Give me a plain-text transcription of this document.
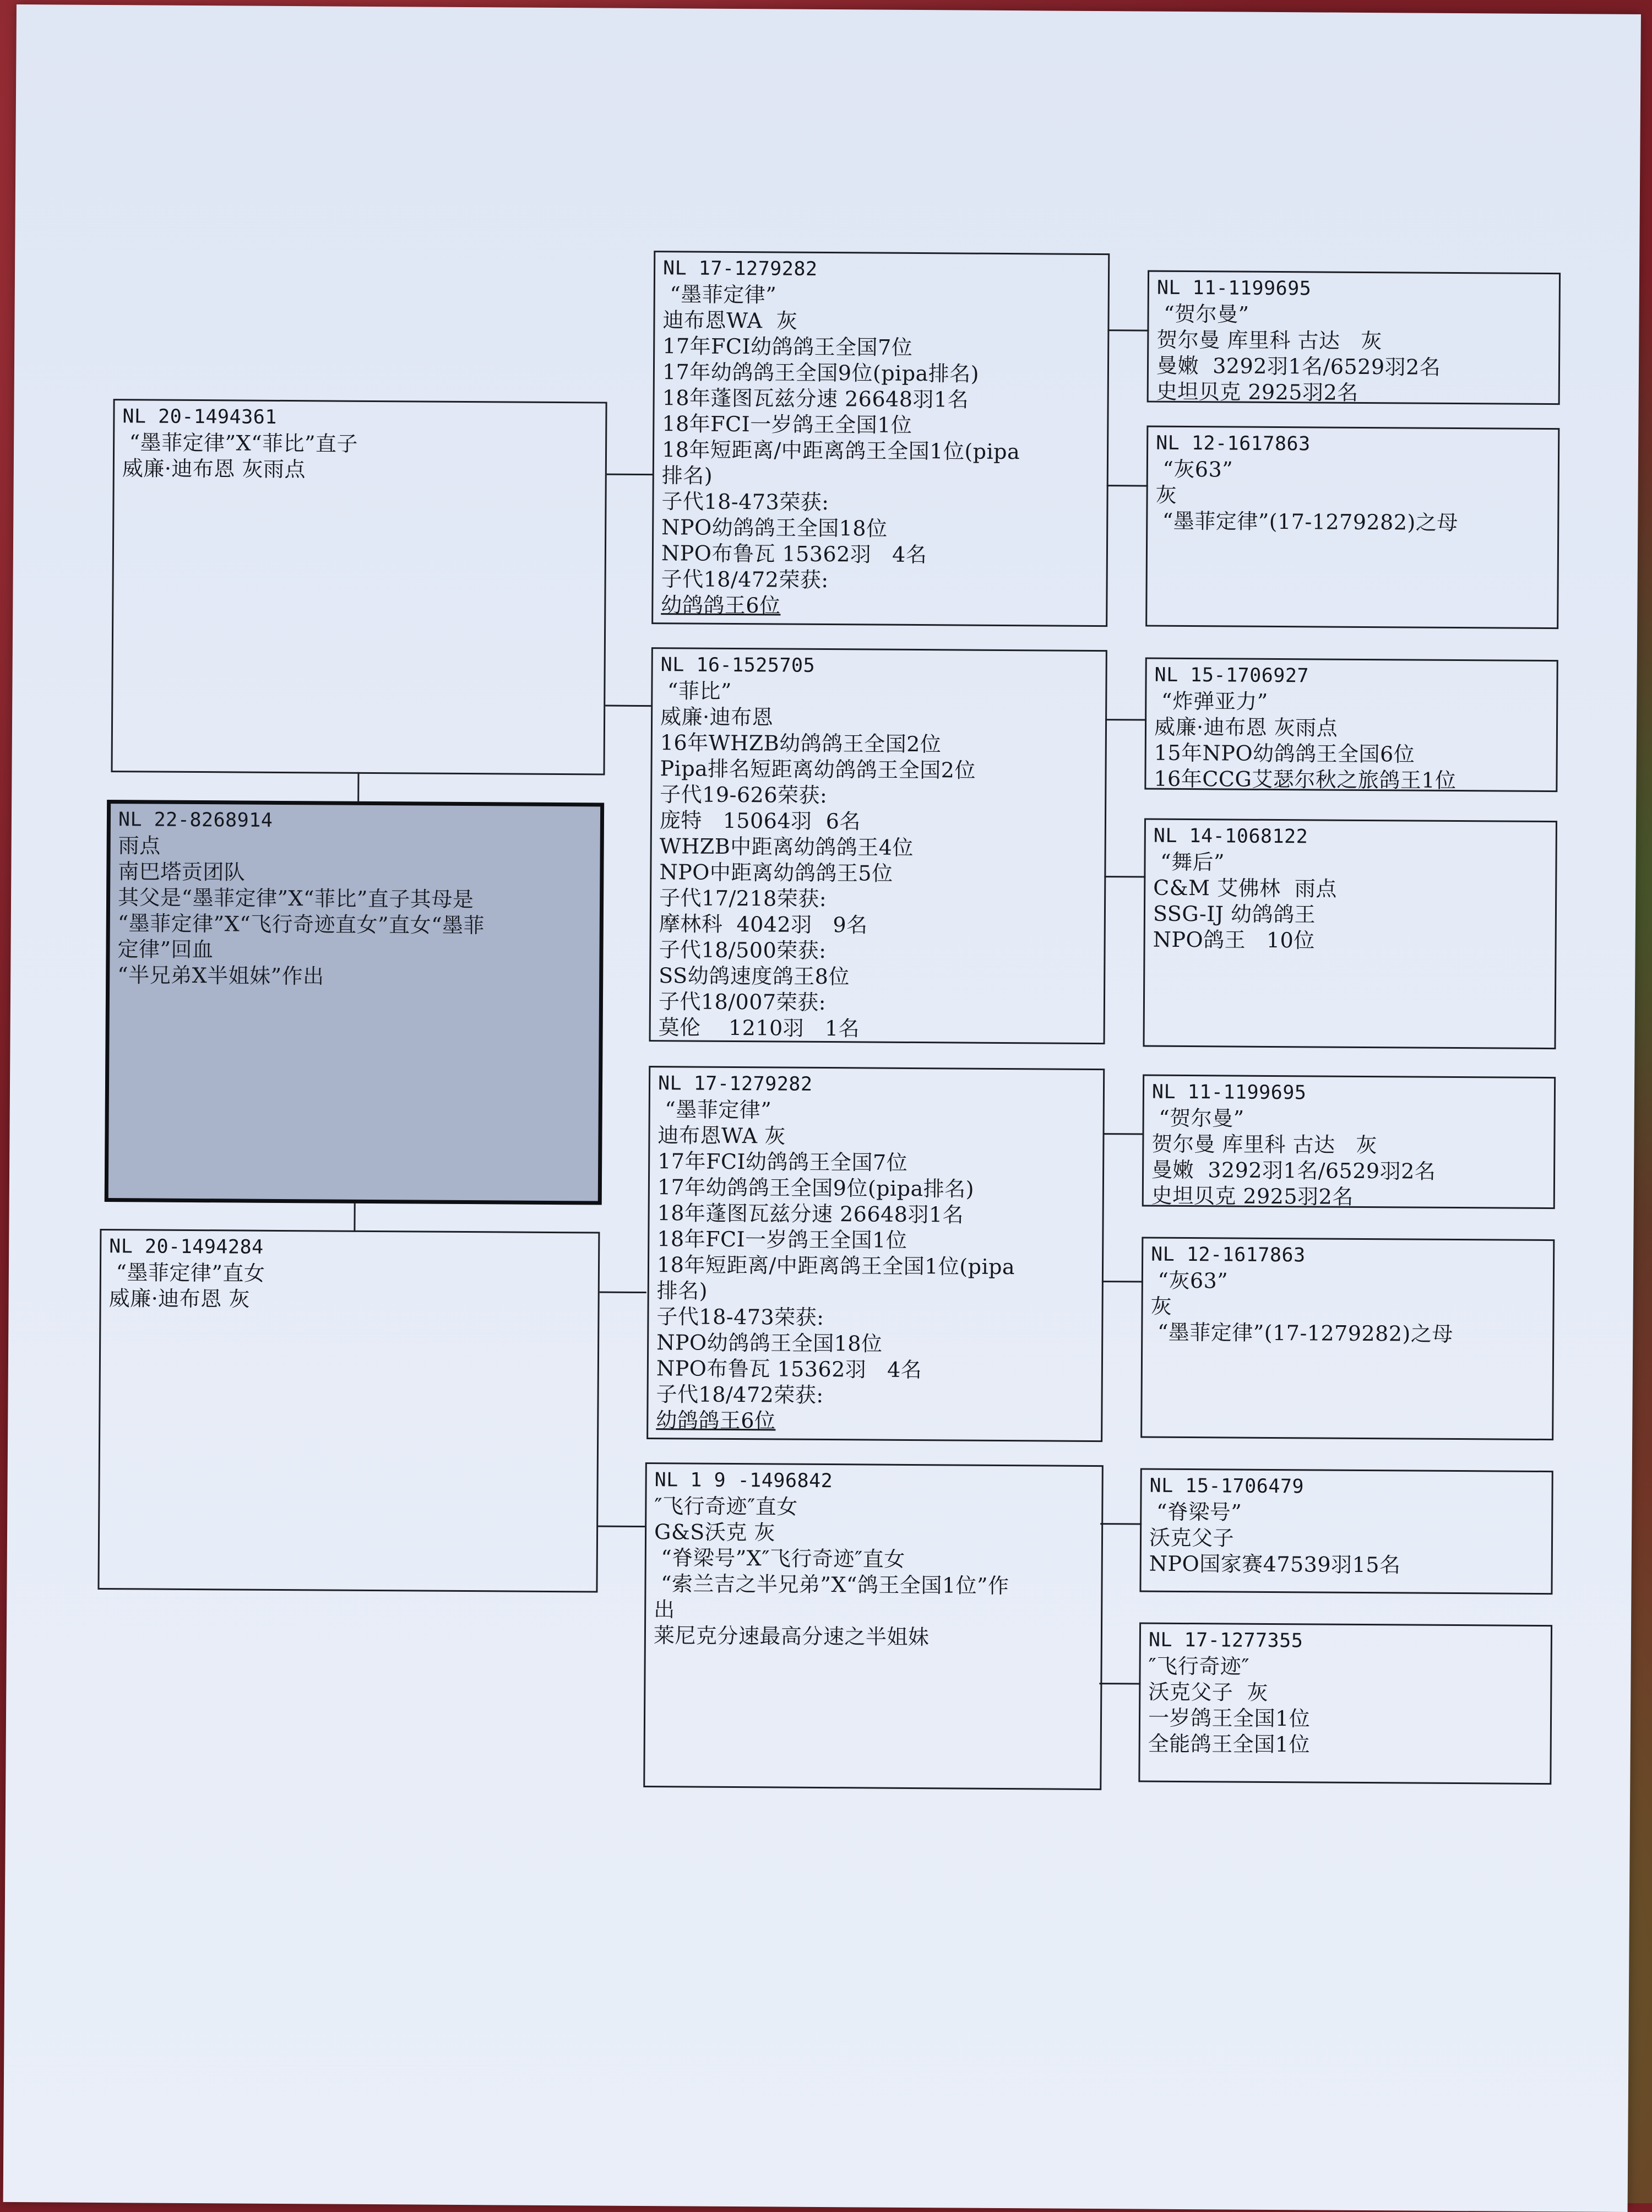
NL 20-1494361
“墨菲定律”X“菲比”直子
威廉·迪布恩 灰雨点
NL 22-8268914
雨点
南巴塔贡团队
其父是“墨菲定律”X“菲比”直子其母是
“墨菲定律”X“飞行奇迹直女”直女“墨菲
定律”回血
“半兄弟X半姐妹”作出
NL 20-1494284
“墨菲定律”直女
威廉·迪布恩 灰
NL 17-1279282
“墨菲定律”
迪布恩WA  灰
17年FCI幼鸽鸽王全国7位
17年幼鸽鸽王全国9位(pipa排名)
18年蓬图瓦兹分速 26648羽1名
18年FCI一岁鸽王全国1位
18年短距离/中距离鸽王全国1位(pipa
排名)
子代18-473荣获:
NPO幼鸽鸽王全国18位
NPO布鲁瓦 15362羽   4名
子代18/472荣获:
幼鸽鸽王6位
NL 16-1525705
“菲比”
威廉·迪布恩
16年WHZB幼鸽鸽王全国2位
Pipa排名短距离幼鸽鸽王全国2位
子代19-626荣获:
庞特   15064羽  6名
WHZB中距离幼鸽鸽王4位
NPO中距离幼鸽鸽王5位
子代17/218荣获:
摩林科  4042羽   9名
子代18/500荣获:
SS幼鸽速度鸽王8位
子代18/007荣获:
莫伦    1210羽   1名
NL 17-1279282
“墨菲定律”
迪布恩WA 灰
17年FCI幼鸽鸽王全国7位
17年幼鸽鸽王全国9位(pipa排名)
18年蓬图瓦兹分速 26648羽1名
18年FCI一岁鸽王全国1位
18年短距离/中距离鸽王全国1位(pipa
排名)
子代18-473荣获:
NPO幼鸽鸽王全国18位
NPO布鲁瓦 15362羽   4名
子代18/472荣获:
幼鸽鸽王6位
NL 1 9 -1496842
″飞行奇迹″直女
G&S沃克 灰
“脊梁号”X″飞行奇迹″直女
“索兰吉之半兄弟”X“鸽王全国1位”作
出
莱尼克分速最高分速之半姐妹
NL 11-1199695
“贺尔曼”
贺尔曼 库里科 古达   灰
曼嫩  3292羽1名/6529羽2名
史坦贝克 2925羽2名
NL 12-1617863
“灰63”
灰
“墨菲定律”(17-1279282)之母
NL 15-1706927
“炸弹亚力”
威廉·迪布恩 灰雨点
15年NPO幼鸽鸽王全国6位
16年CCG艾瑟尔秋之旅鸽王1位
NL 14-1068122
“舞后”
C&M 艾佛林  雨点
SSG-IJ 幼鸽鸽王
NPO鸽王   10位
NL 11-1199695
“贺尔曼”
贺尔曼 库里科 古达   灰
曼嫩  3292羽1名/6529羽2名
史坦贝克 2925羽2名
NL 12-1617863
“灰63”
灰
“墨菲定律”(17-1279282)之母
NL 15-1706479
“脊梁号”
沃克父子
NPO国家赛47539羽15名
NL 17-1277355
″飞行奇迹″
沃克父子  灰
一岁鸽王全国1位
全能鸽王全国1位
